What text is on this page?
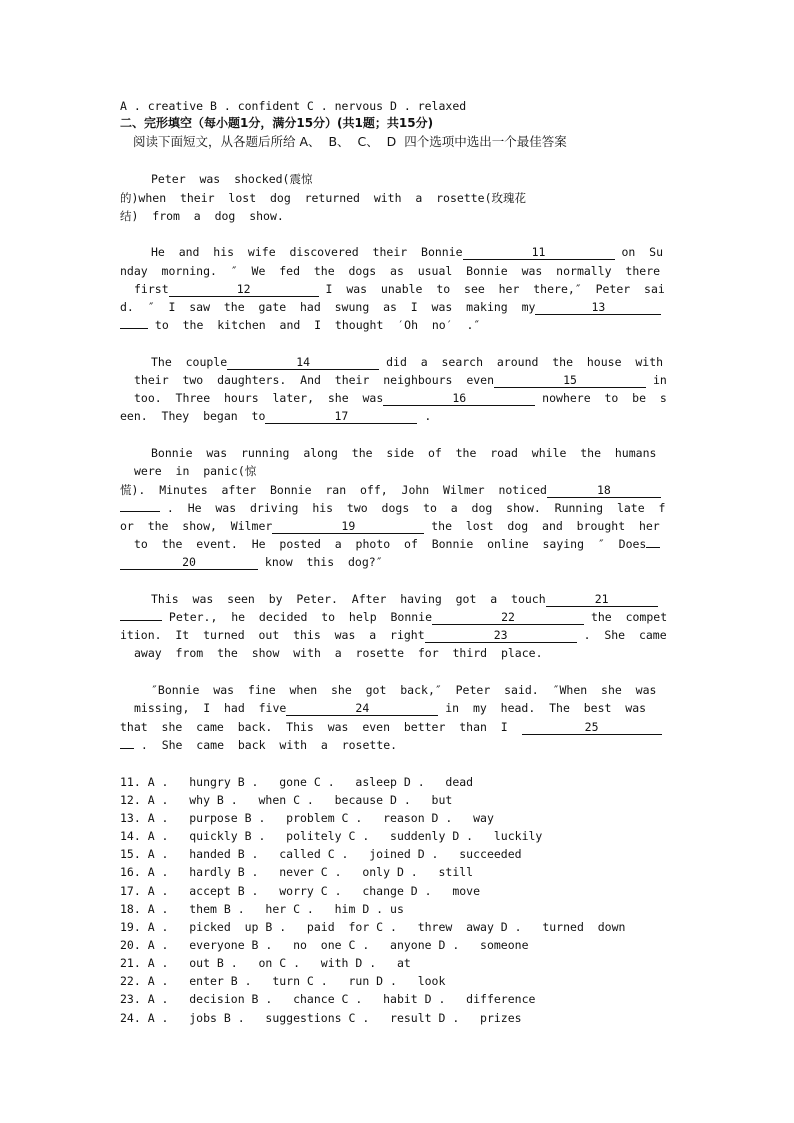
A . creative B . confident C . nervous D . relaxed
二、完形填空（每小题1分，满分15分）(共1题；共15分)
阅读下面短文，从各题后所给 A、  B、  C、  D  四个选项中选出一个最佳答案
Peter  was  shocked(震惊
的)when  their  lost  dog  returned  with  a  rosette(玫瑰花
结)  from  a  dog  show.
He  and  his  wife  discovered  their  Bonnie	11	on  Su
nday  morning.  ″  We  fed  the  dogs  as  usual  Bonnie  was  normally  there
first	12	I  was  unable  to  see  her  there,″  Peter  sai
d.  ″  I  saw  the  gate  had  swung  as  I  was  making  my	13
to  the  kitchen  and  I  thought  ′Oh  no′  .″
The  couple	14	did  a  search  around  the  house  with
their  two  daughters.  And  their  neighbours  even	15	in
too.  Three  hours  later,  she  was	16	nowhere  to  be  s
een.  They  began  to	17	.
Bonnie  was  running  along  the  side  of  the  road  while  the  humans
were  in  panic(惊
慌).  Minutes  after  Bonnie  ran  off,  John  Wilmer  noticed	18
.  He  was  driving  his  two  dogs  to  a  dog  show.  Running  late  f
or  the  show,  Wilmer	19	the  lost  dog  and  brought  her
to  the  event.  He  posted  a  photo  of  Bonnie  online  saying  ″  Does
20	know  this  dog?″
This  was  seen  by  Peter.  After  having  got  a  touch	21
Peter.,  he  decided  to  help  Bonnie	22	the  compet
ition.  It  turned  out  this  was  a  right	23	.  She  came
away  from  the  show  with  a  rosette  for  third  place.
″Bonnie  was  fine  when  she  got  back,″  Peter  said.  ″When  she  was
missing,  I  had  five	24	in  my  head.  The  best  was
that  she  came  back.  This  was  even  better  than  I	25
.  She  came  back  with  a  rosette.
11. A .   hungry B .   gone C .   asleep D .   dead
12. A .   why B .   when C .   because D .   but
13. A .   purpose B .   problem C .   reason D .   way
14. A .   quickly B .   politely C .   suddenly D .   luckily
15. A .   handed B .   called C .   joined D .   succeeded
16. A .   hardly B .   never C .   only D .   still
17. A .   accept B .   worry C .   change D .   move
18. A .   them B .   her C .   him D . us
19. A .   picked  up B .   paid  for C .   threw  away D .   turned  down
20. A .   everyone B .   no  one C .   anyone D .   someone
21. A .   out B .   on C .   with D .   at
22. A .   enter B .   turn C .   run D .   look
23. A .   decision B .   chance C .   habit D .   difference
24. A .   jobs B .   suggestions C .   result D .   prizes
